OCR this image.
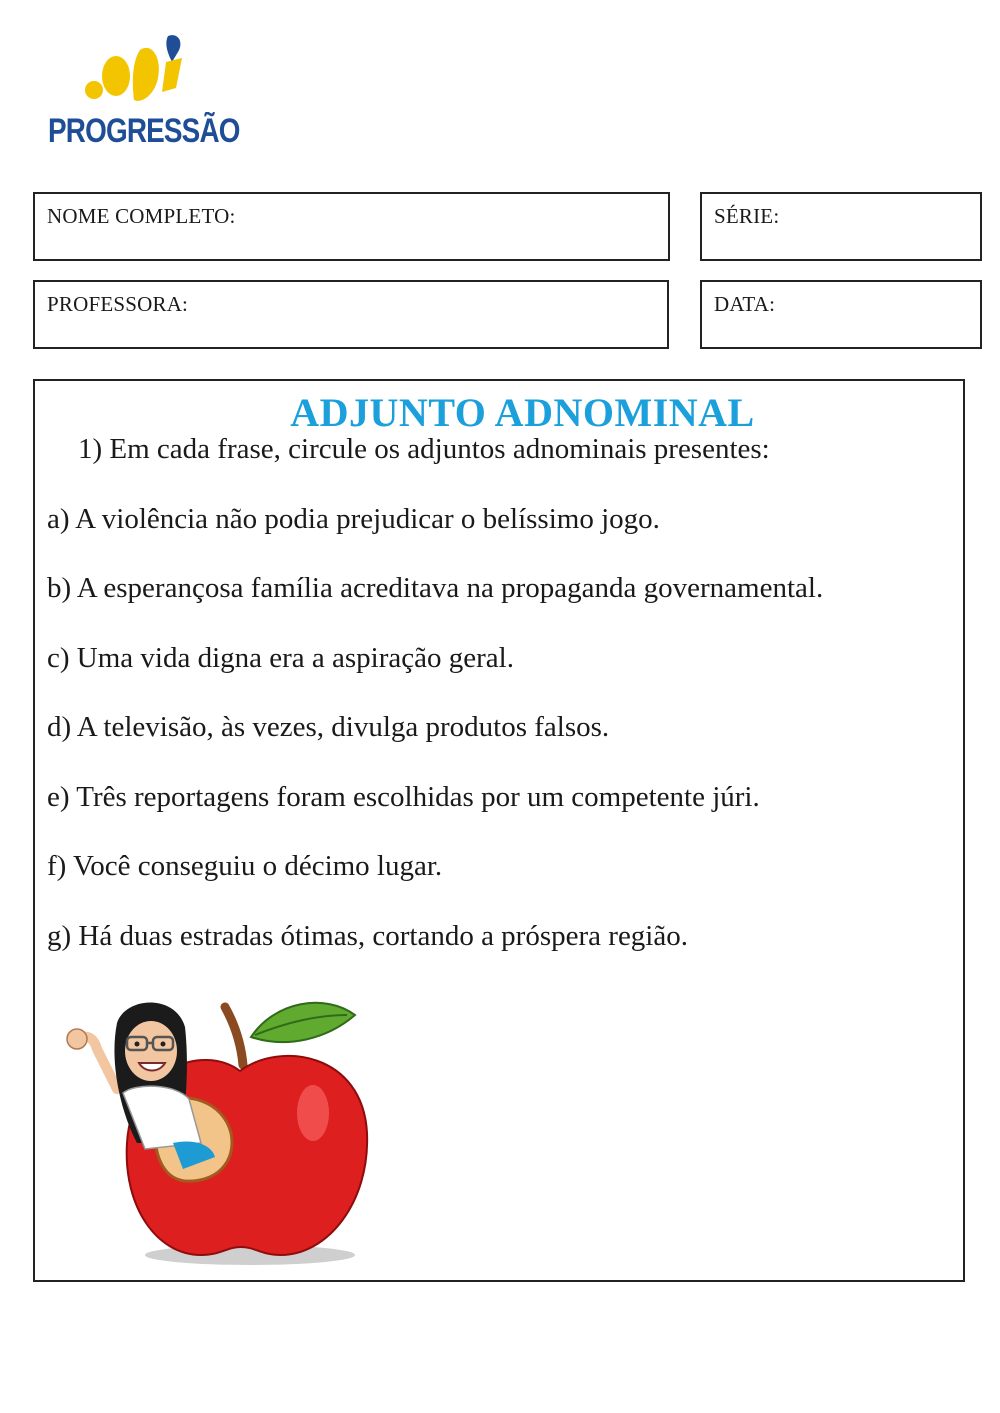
PROGRESSÃO
NOME COMPLETO:	SÉRIE:
PROFESSORA:	DATA:
ADJUNTO ADNOMINAL
1) Em cada frase, circule os adjuntos adnominais presentes:
a) A violência não podia prejudicar o belíssimo jogo.
b) A esperançosa família acreditava na propaganda governamental.
c) Uma vida digna era a aspiração geral.
d) A televisão, às vezes, divulga produtos falsos.
e) Três reportagens foram escolhidas por um competente júri.
f) Você conseguiu o décimo lugar.
g) Há duas estradas ótimas, cortando a próspera região.
